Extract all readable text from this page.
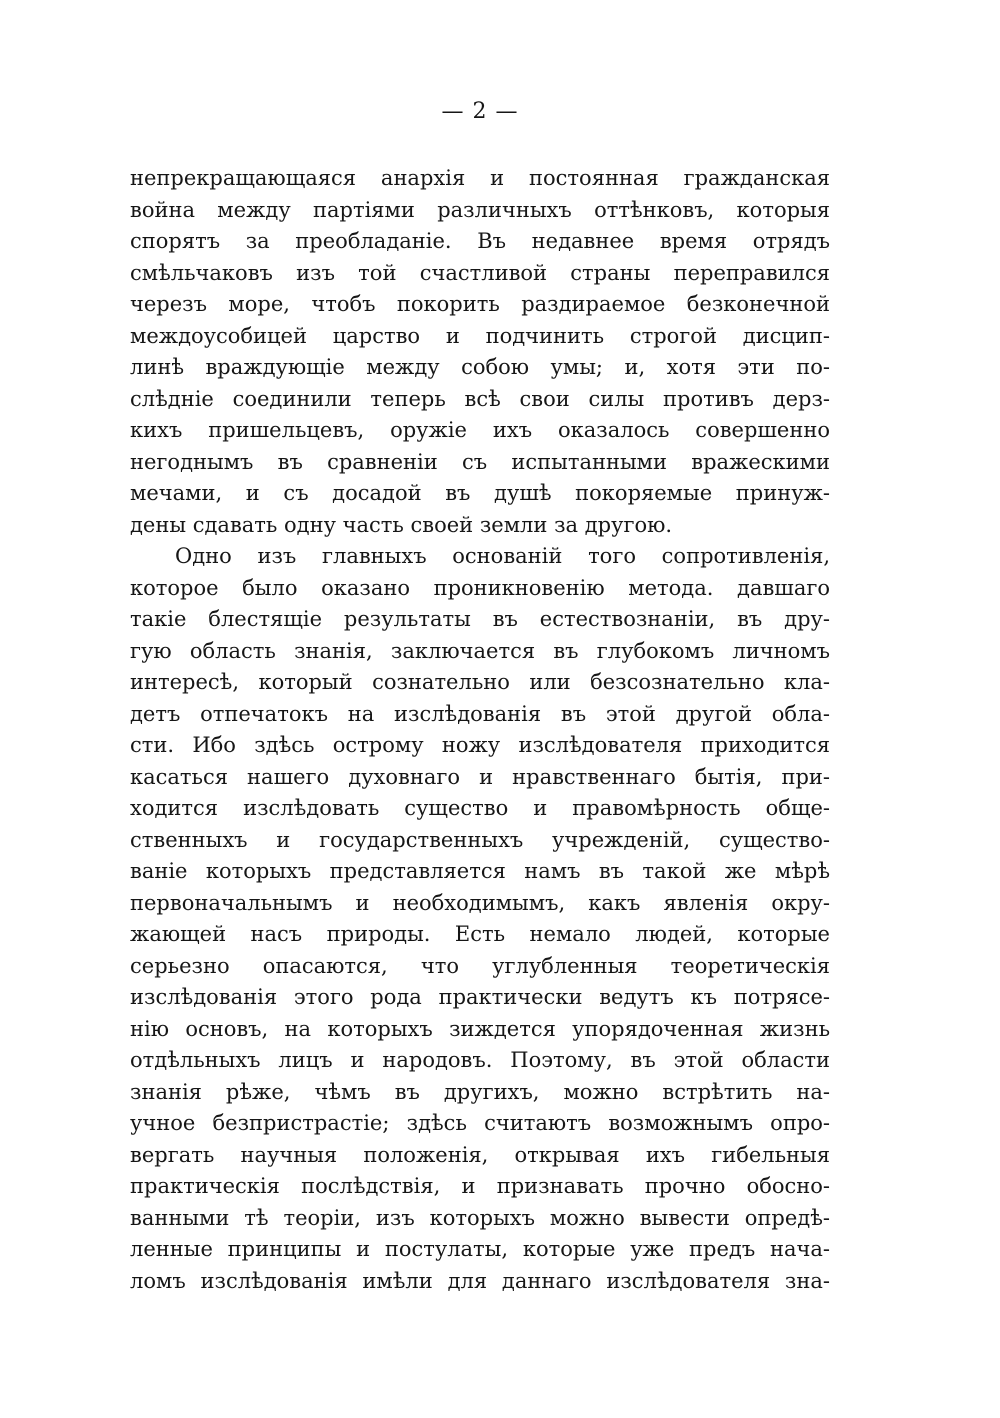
— 2 —
непрекращающаяся анархія и постоянная гражданская
война между партіями различныхъ оттѣнковъ, которыя
спорятъ за преобладаніе. Въ недавнее время отрядъ
смѣльчаковъ изъ той счастливой страны переправился
черезъ море, чтобъ покорить раздираемое безконечной
междоусобицей царство и подчинить строгой дисцип-
линѣ враждующіе между собою умы; и, хотя эти по-
слѣдніе соединили теперь всѣ свои силы противъ дерз-
кихъ пришельцевъ, оружіе ихъ оказалось совершенно
негоднымъ въ сравненіи съ испытанными вражескими
мечами, и съ досадой въ душѣ покоряемые принуж-
дены сдавать одну часть своей земли за другою.
Одно изъ главныхъ основаній того сопротивленія,
которое было оказано проникновенію метода. давшаго
такіе блестящіе результаты въ естествознаніи, въ дру-
гую область знанія, заключается въ глубокомъ личномъ
интересѣ, который сознательно или безсознательно кла-
детъ отпечатокъ на изслѣдованія въ этой другой обла-
сти. Ибо здѣсь острому ножу изслѣдователя приходится
касаться нашего духовнаго и нравственнаго бытія, при-
ходится изслѣдовать существо и правомѣрность обще-
ственныхъ и государственныхъ учрежденій, существо-
ваніе которыхъ представляется намъ въ такой же мѣрѣ
первоначальнымъ и необходимымъ, какъ явленія окру-
жающей насъ природы. Есть немало людей, которые
серьезно опасаются, что углубленныя теоретическія
изслѣдованія этого рода практически ведутъ къ потрясе-
нію основъ, на которыхъ зиждется упорядоченная жизнь
отдѣльныхъ лицъ и народовъ. Поэтому, въ этой области
знанія рѣже, чѣмъ въ другихъ, можно встрѣтить на-
учное безпристрастіе; здѣсь считаютъ возможнымъ опро-
вергать научныя положенія, открывая ихъ гибельныя
практическія послѣдствія, и признавать прочно обосно-
ванными тѣ теоріи, изъ которыхъ можно вывести опредѣ-
ленные принципы и постулаты, которые уже предъ нача-
ломъ изслѣдованія имѣли для даннаго изслѣдователя зна-
